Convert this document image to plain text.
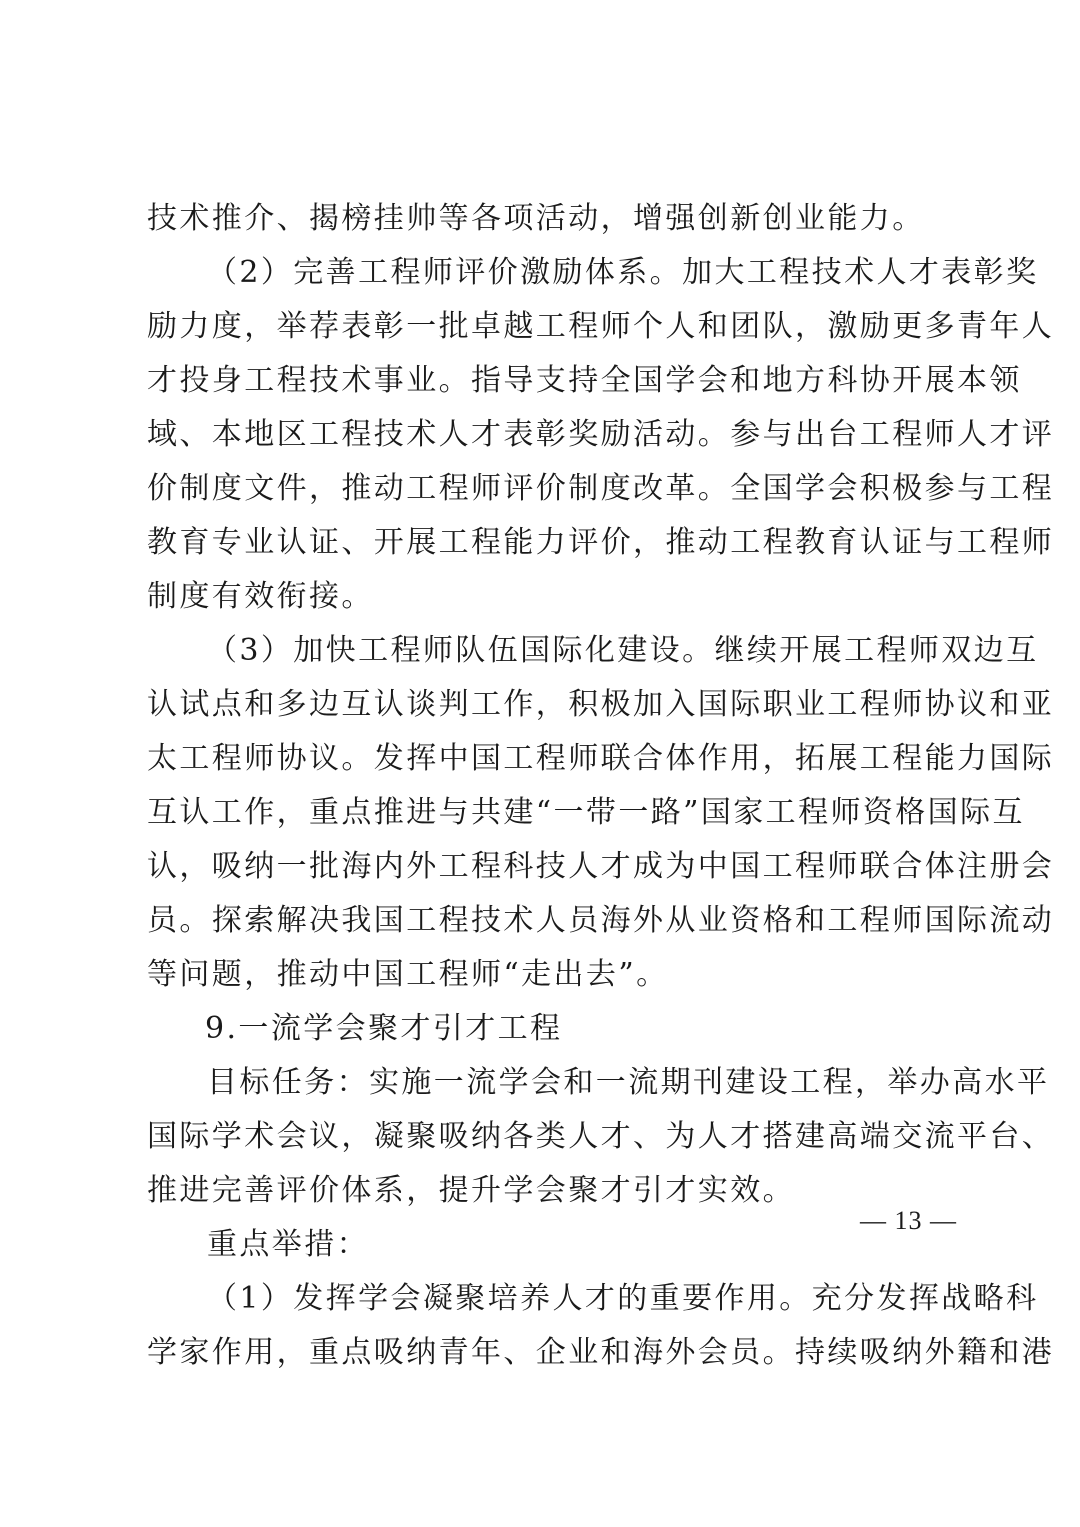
技术推介、揭榜挂帅等各项活动，增强创新创业能力。

（2）完善工程师评价激励体系。加大工程技术人才表彰奖

励力度，举荐表彰一批卓越工程师个人和团队，激励更多青年人

才投身工程技术事业。指导支持全国学会和地方科协开展本领

域、本地区工程技术人才表彰奖励活动。参与出台工程师人才评

价制度文件，推动工程师评价制度改革。全国学会积极参与工程

教育专业认证、开展工程能力评价，推动工程教育认证与工程师

制度有效衔接。

（3）加快工程师队伍国际化建设。继续开展工程师双边互

认试点和多边互认谈判工作，积极加入国际职业工程师协议和亚

太工程师协议。发挥中国工程师联合体作用，拓展工程能力国际

互认工作，重点推进与共建“一带一路”国家工程师资格国际互

认，吸纳一批海内外工程科技人才成为中国工程师联合体注册会

员。探索解决我国工程技术人员海外从业资格和工程师国际流动

等问题，推动中国工程师“走出去”。

9.一流学会聚才引才工程

目标任务：实施一流学会和一流期刊建设工程，举办高水平

国际学术会议，凝聚吸纳各类人才、为人才搭建高端交流平台、

推进完善评价体系，提升学会聚才引才实效。

重点举措：

（1）发挥学会凝聚培养人才的重要作用。充分发挥战略科

学家作用，重点吸纳青年、企业和海外会员。持续吸纳外籍和港

— 13 —
